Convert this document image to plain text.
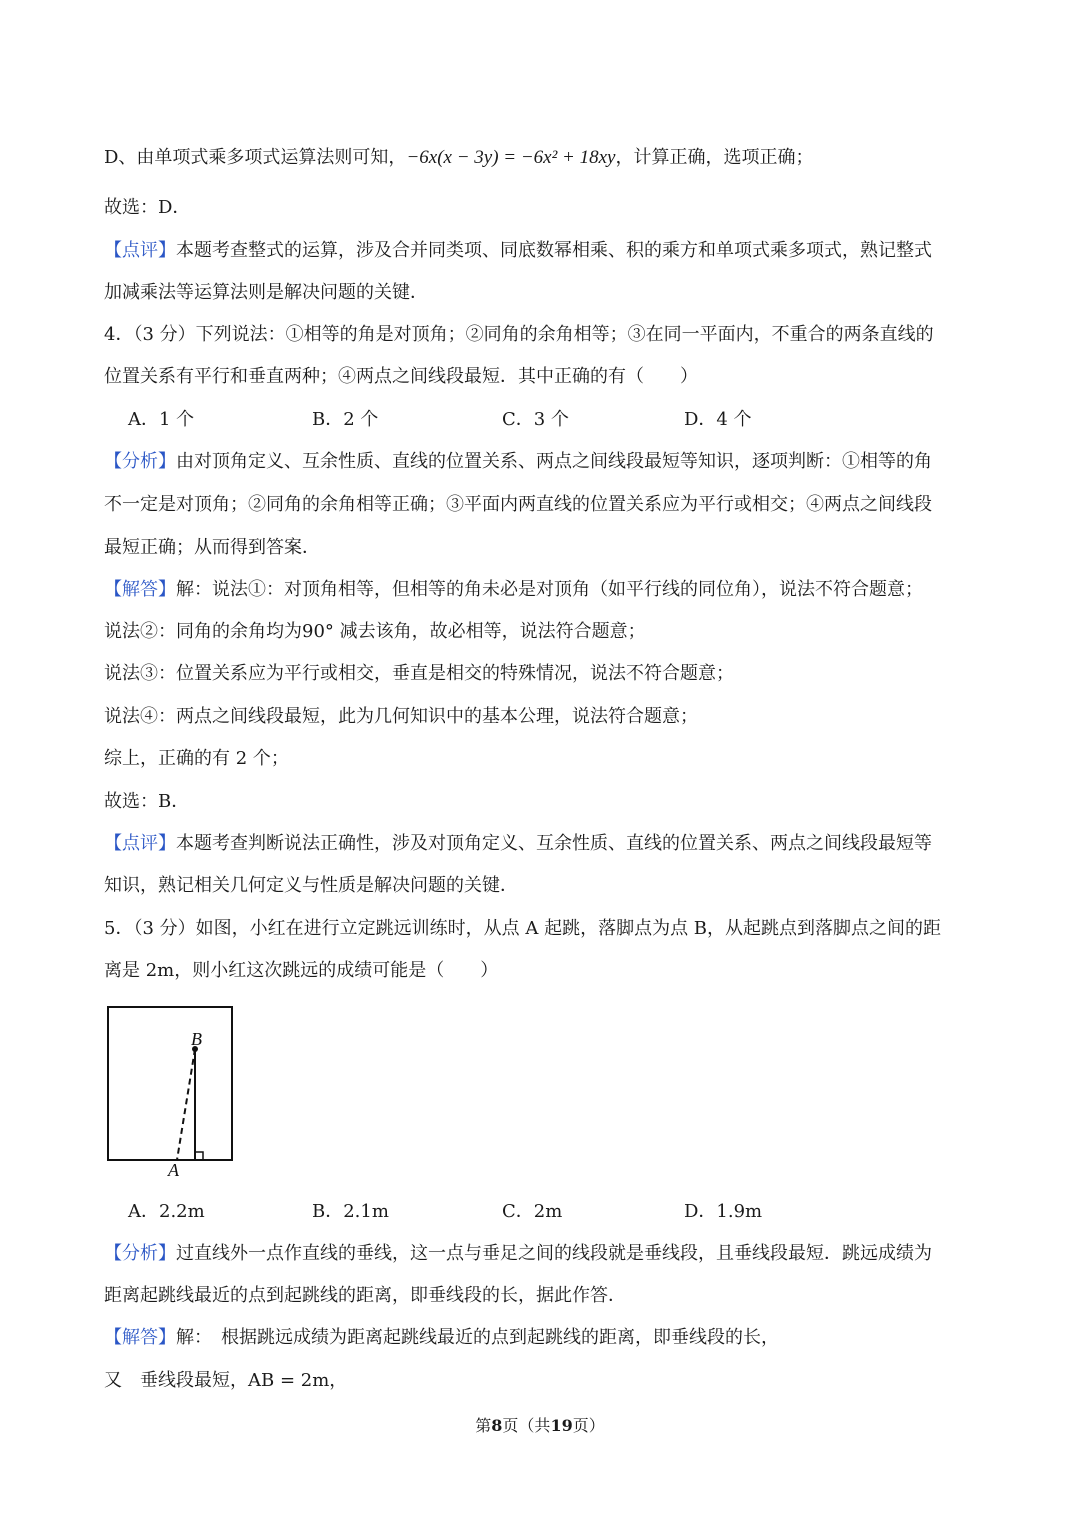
D、由单项式乘多项式运算法则可知，−6x(x − 3y) = −6x² + 18xy，计算正确，选项正确；
故选：D．
【点评】本题考查整式的运算，涉及合并同类项、同底数幂相乘、积的乘方和单项式乘多项式，熟记整式
加减乘法等运算法则是解决问题的关键．
4．（3 分）下列说法：①相等的角是对顶角；②同角的余角相等；③在同一平面内，不重合的两条直线的
位置关系有平行和垂直两种；④两点之间线段最短．其中正确的有（　　）
A．1 个	B．2 个	C．3 个	D．4 个
【分析】由对顶角定义、互余性质、直线的位置关系、两点之间线段最短等知识，逐项判断：①相等的角
不一定是对顶角；②同角的余角相等正确；③平面内两直线的位置关系应为平行或相交；④两点之间线段
最短正确；从而得到答案．
【解答】解：说法①：对顶角相等，但相等的角未必是对顶角（如平行线的同位角），说法不符合题意；
说法②：同角的余角均为90° 减去该角，故必相等，说法符合题意；
说法③：位置关系应为平行或相交，垂直是相交的特殊情况，说法不符合题意；
说法④：两点之间线段最短，此为几何知识中的基本公理，说法符合题意；
综上，正确的有 2 个；
故选：B．
【点评】本题考查判断说法正确性，涉及对顶角定义、互余性质、直线的位置关系、两点之间线段最短等
知识，熟记相关几何定义与性质是解决问题的关键．
5．（3 分）如图，小红在进行立定跳远训练时，从点 A 起跳，落脚点为点 B，从起跳点到落脚点之间的距
离是 2m，则小红这次跳远的成绩可能是（　　）
B
A
A．2.2m	B．2.1m	C．2m	D．1.9m
【分析】过直线外一点作直线的垂线，这一点与垂足之间的线段就是垂线段，且垂线段最短．跳远成绩为
距离起跳线最近的点到起跳线的距离，即垂线段的长，据此作答．
【解答】解：　根据跳远成绩为距离起跳线最近的点到起跳线的距离，即垂线段的长，
又　垂线段最短，AB = 2m，
第8页（共19页）
